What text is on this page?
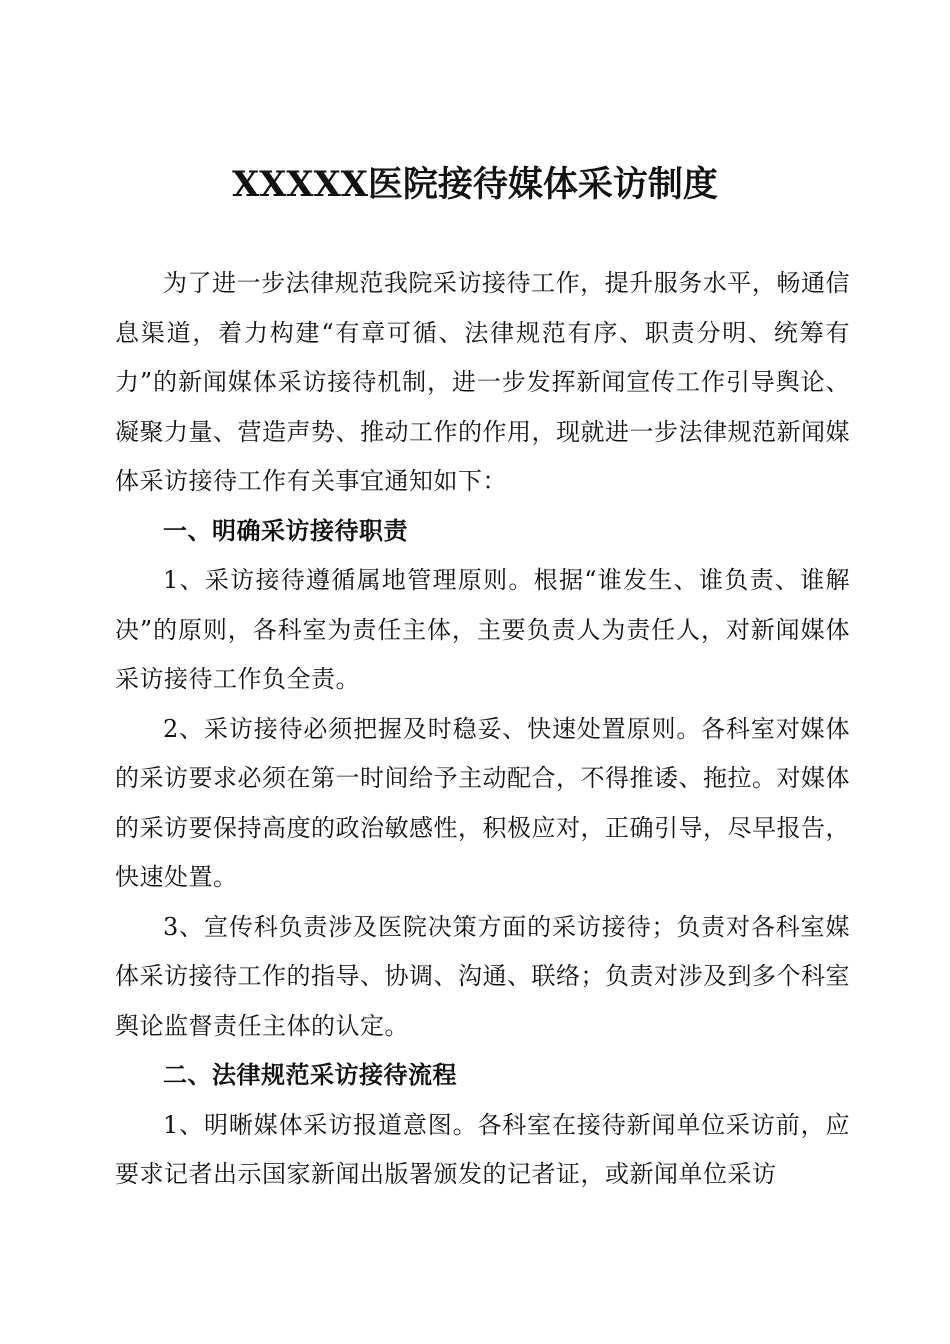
XXXXX医院接待媒体采访制度

为了进一步法律规范我院采访接待工作，提升服务水平，畅通信息渠道，着力构建“有章可循、法律规范有序、职责分明、统筹有力”的新闻媒体采访接待机制，进一步发挥新闻宣传工作引导舆论、凝聚力量、营造声势、推动工作的作用，现就进一步法律规范新闻媒体采访接待工作有关事宜通知如下：

一、明确采访接待职责

1、采访接待遵循属地管理原则。根据“谁发生、谁负责、谁解决”的原则，各科室为责任主体，主要负责人为责任人，对新闻媒体采访接待工作负全责。

2、采访接待必须把握及时稳妥、快速处置原则。各科室对媒体的采访要求必须在第一时间给予主动配合，不得推诿、拖拉。对媒体的采访要保持高度的政治敏感性，积极应对，正确引导，尽早报告，快速处置。

3、宣传科负责涉及医院决策方面的采访接待；负责对各科室媒体采访接待工作的指导、协调、沟通、联络；负责对涉及到多个科室舆论监督责任主体的认定。

二、法律规范采访接待流程

1、明晰媒体采访报道意图。各科室在接待新闻单位采访前，应要求记者出示国家新闻出版署颁发的记者证，或新闻单位采访
